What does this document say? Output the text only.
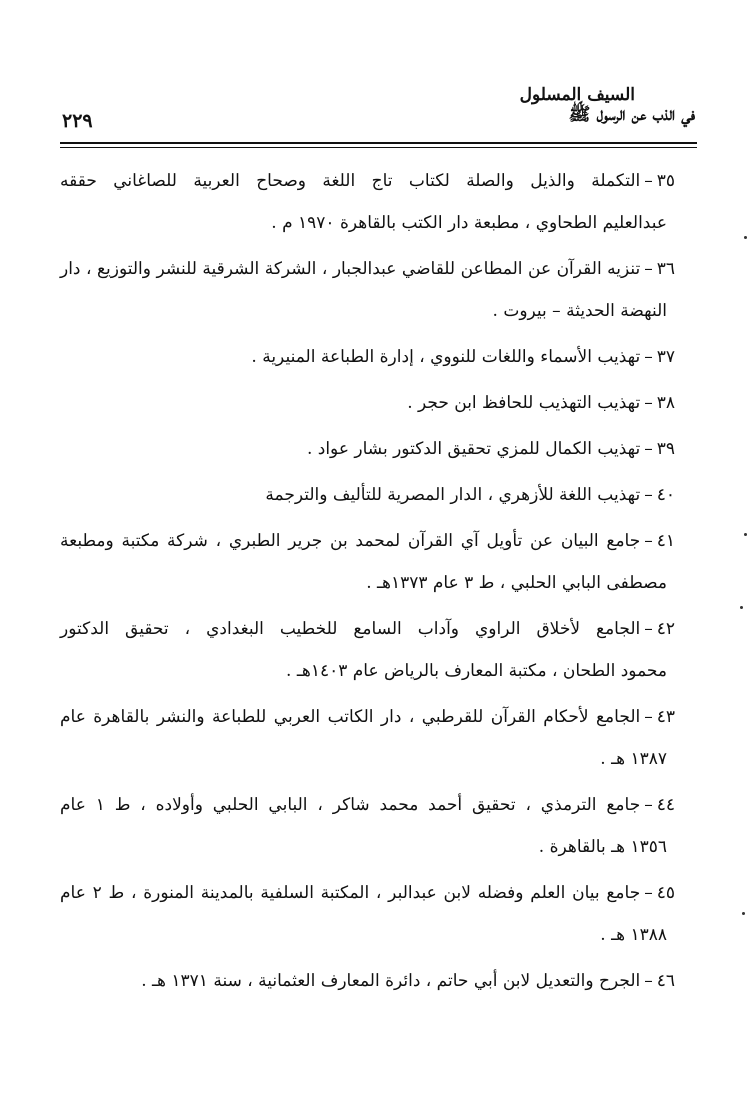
السيف المسلول
في الذب عن الرسول ﷺ
٢٢٩
٣٥–التكملة والذيل والصلة لكتاب تاج اللغة وصحاح العربية للصاغاني حققه
عبدالعليم الطحاوي ، مطبعة دار الكتب بالقاهرة ١٩٧٠ م .
٣٦–تنزيه القرآن عن المطاعن للقاضي عبدالجبار ، الشركة الشرقية للنشر والتوزيع ، دار
النهضة الحديثة – بيروت .
٣٧–تهذيب الأسماء واللغات للنووي ، إدارة الطباعة المنيرية .
٣٨–تهذيب التهذيب للحافظ ابن حجر .
٣٩–تهذيب الكمال للمزي تحقيق الدكتور بشار عواد .
٤٠–تهذيب اللغة للأزهري ، الدار المصرية للتأليف والترجمة
٤١–جامع البيان عن تأويل آي القرآن لمحمد بن جرير الطبري ، شركة مكتبة ومطبعة
مصطفى البابي الحلبي ، ط ٣ عام ١٣٧٣هـ .
٤٢–الجامع لأخلاق الراوي وآداب السامع للخطيب البغدادي ، تحقيق الدكتور
محمود الطحان ، مكتبة المعارف بالرياض عام ١٤٠٣هـ .
٤٣–الجامع لأحكام القرآن للقرطبي ، دار الكاتب العربي للطباعة والنشر بالقاهرة عام
١٣٨٧ هـ .
٤٤–جامع الترمذي ، تحقيق أحمد محمد شاكر ، البابي الحلبي وأولاده ، ط ١ عام
١٣٥٦ هـ بالقاهرة .
٤٥–جامع بيان العلم وفضله لابن عبدالبر ، المكتبة السلفية بالمدينة المنورة ، ط ٢ عام
١٣٨٨ هـ .
٤٦–الجرح والتعديل لابن أبي حاتم ، دائرة المعارف العثمانية ، سنة ١٣٧١ هـ .
